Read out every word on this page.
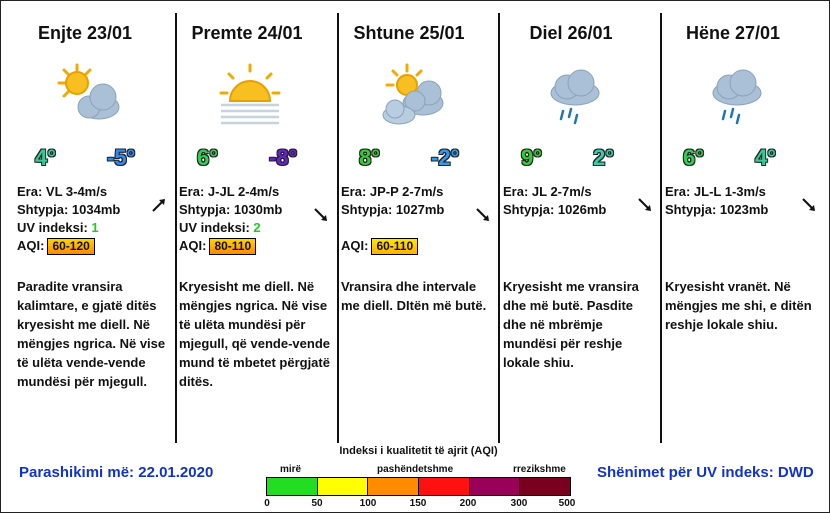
Enjte 23/01
4° -5°
Era: VL 3-4m/s
Shtypja: 1034mb
UV indeksi: 1
AQI: 60-120
Paradite vransira kalimtare, e gjatë ditës kryesisht me diell. Në mëngjes ngrica. Në vise të ulëta vende-vende mundësi për mjegull.
Premte 24/01
6° -8°
Era: J-JL 2-4m/s
Shtypja: 1030mb
UV indeksi: 2
AQI: 80-110
Kryesisht me diell. Në mëngjes ngrica. Në vise të ulëta mundësi për mjegull, që vende-vende mund të mbetet përgjatë ditës.
Shtune 25/01
8° -2°
Era: JP-P 2-7m/s
Shtypja: 1027mb

AQI: 60-110
Vransira dhe intervale me diell. DItën më butë.
Diel 26/01
9° 2°
Era: JL 2-7m/s
Shtypja: 1026mb
Kryesisht me vransira dhe më butë. Pasdite dhe në mbrëmje mundësi për reshje lokale shiu.
Hëne 27/01
6° 4°
Era: JL-L 1-3m/s
Shtypja: 1023mb
Kryesisht vranët. Në mëngjes me shi, e ditën reshje lokale shiu.
Parashikimi më: 22.01.2020	Shënimet për UV indeks: DWD
Indeksi i kualitetit të ajrit (AQI)
mirë	pashëndetshme	rrezikshme
0	50	100	150	200	300	500
